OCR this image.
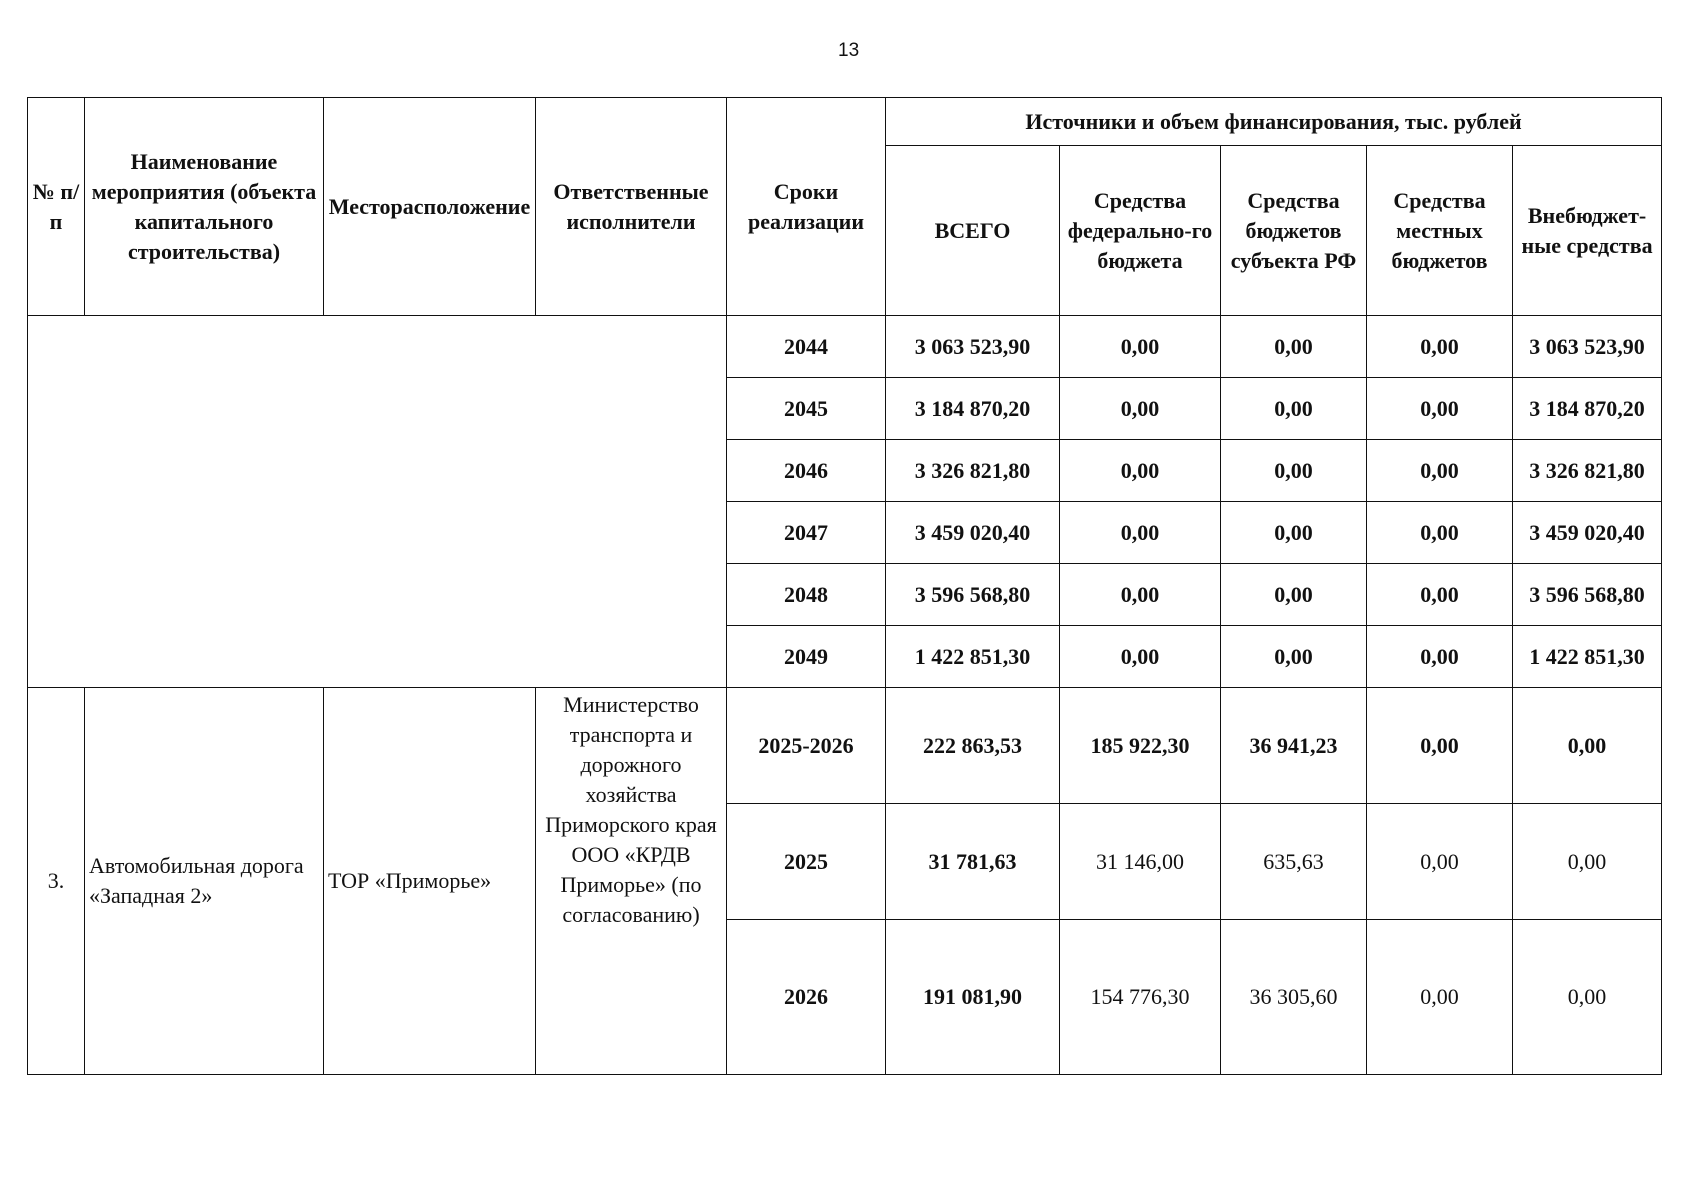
13
№ п/п	Наименование мероприятия (объекта капитального строительства)	Месторасположение	Ответственные исполнители	Сроки реализации	Источники и объем финансирования, тыс. рублей				
					ВСЕГО	Средства федерально-го бюджета	Средства бюджетов субъекта РФ	Средства местных бюджетов	Внебюджет-ные средства
				2044	3 063 523,90	0,00	0,00	0,00	3 063 523,90
				2045	3 184 870,20	0,00	0,00	0,00	3 184 870,20
				2046	3 326 821,80	0,00	0,00	0,00	3 326 821,80
				2047	3 459 020,40	0,00	0,00	0,00	3 459 020,40
				2048	3 596 568,80	0,00	0,00	0,00	3 596 568,80
				2049	1 422 851,30	0,00	0,00	0,00	1 422 851,30
3.	Автомобильная дорога «Западная 2»	ТОР «Приморье»	Министерство транспорта и дорожного хозяйства Приморского края ООО «КРДВ Приморье» (по согласованию)	2025-2026	222 863,53	185 922,30	36 941,23	0,00	0,00
				2025	31 781,63	31 146,00	635,63	0,00	0,00
				2026	191 081,90	154 776,30	36 305,60	0,00	0,00
